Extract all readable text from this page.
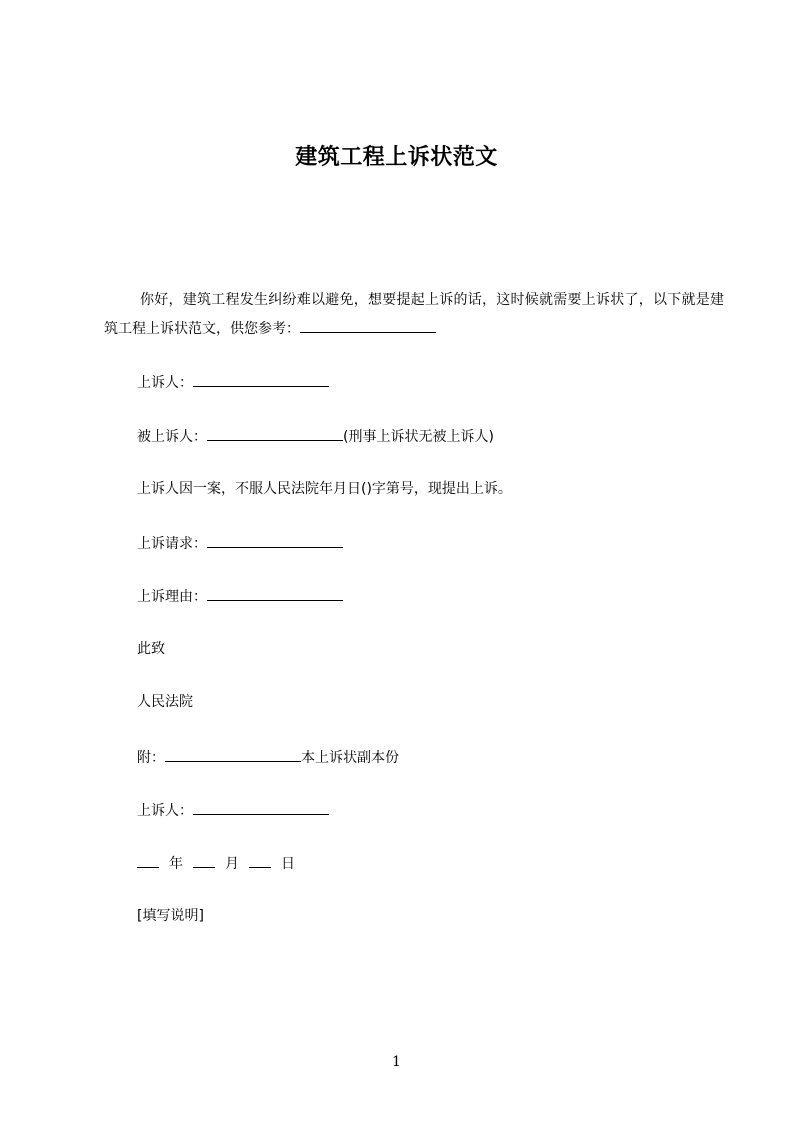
建筑工程上诉状范文
你好，建筑工程发生纠纷难以避免，想要提起上诉的话，这时候就需要上诉状了，以下就是建筑工程上诉状范文，供您参考：
上诉人：
被上诉人：	(刑事上诉状无被上诉人)
上诉人因一案，不服人民法院年月日()字第号，现提出上诉。
上诉请求：
上诉理由：
此致
人民法院
附：	本上诉状副本份
上诉人：
年	月	日
[填写说明]
1
